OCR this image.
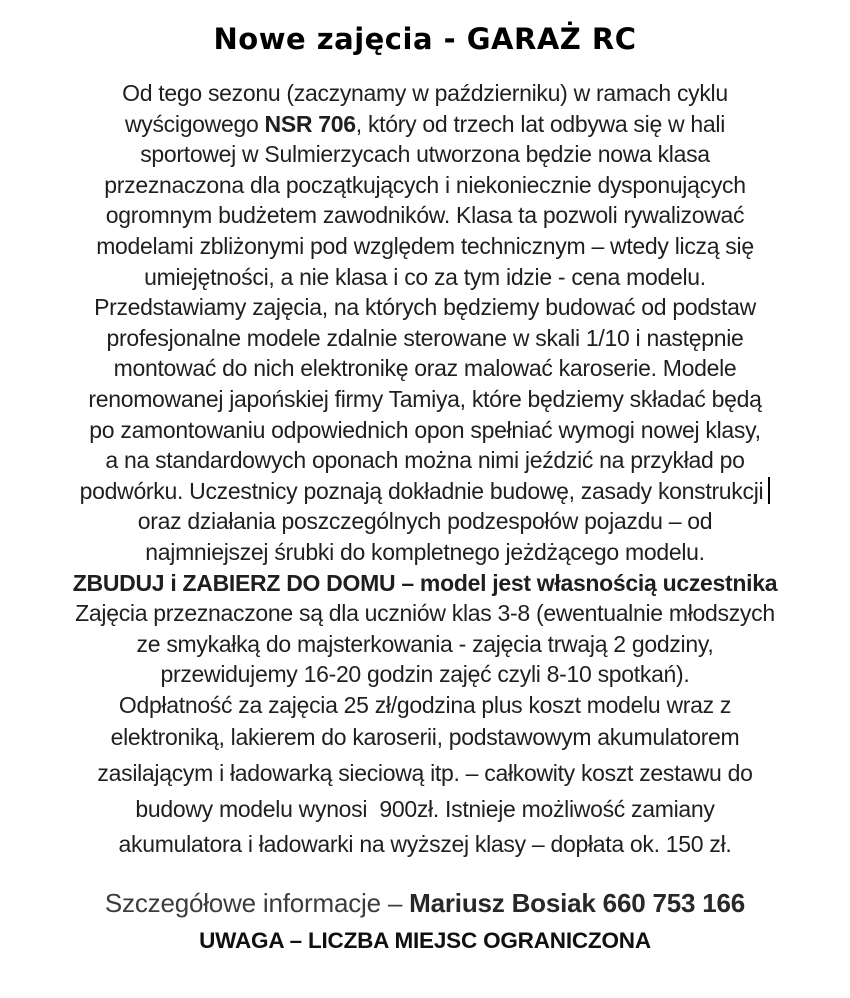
Nowe zajęcia - GARAŻ RC
Od tego sezonu (zaczynamy w październiku) w ramach cyklu
wyścigowego NSR 706, który od trzech lat odbywa się w hali
sportowej w Sulmierzycach utworzona będzie nowa klasa
przeznaczona dla początkujących i niekoniecznie dysponujących
ogromnym budżetem zawodników. Klasa ta pozwoli rywalizować
modelami zbliżonymi pod względem technicznym – wtedy liczą się
umiejętności, a nie klasa i co za tym idzie - cena modelu.
Przedstawiamy zajęcia, na których będziemy budować od podstaw
profesjonalne modele zdalnie sterowane w skali 1/10 i następnie
montować do nich elektronikę oraz malować karoserie. Modele
renomowanej japońskiej firmy Tamiya, które będziemy składać będą
po zamontowaniu odpowiednich opon spełniać wymogi nowej klasy,
a na standardowych oponach można nimi jeździć na przykład po
podwórku. Uczestnicy poznają dokładnie budowę, zasady konstrukcji
oraz działania poszczególnych podzespołów pojazdu – od
najmniejszej śrubki do kompletnego jeżdżącego modelu.
ZBUDUJ i ZABIERZ DO DOMU – model jest własnością uczestnika
Zajęcia przeznaczone są dla uczniów klas 3-8 (ewentualnie młodszych
ze smykałką do majsterkowania - zajęcia trwają 2 godziny,
przewidujemy 16-20 godzin zajęć czyli 8-10 spotkań).
Odpłatność za zajęcia 25 zł/godzina plus koszt modelu wraz z
elektroniką, lakierem do karoserii, podstawowym akumulatorem
zasilającym i ładowarką sieciową itp. – całkowity koszt zestawu do
budowy modelu wynosi  900zł. Istnieje możliwość zamiany
akumulatora i ładowarki na wyższej klasy – dopłata ok. 150 zł.
Szczegółowe informacje – Mariusz Bosiak 660 753 166
UWAGA – LICZBA MIEJSC OGRANICZONA
